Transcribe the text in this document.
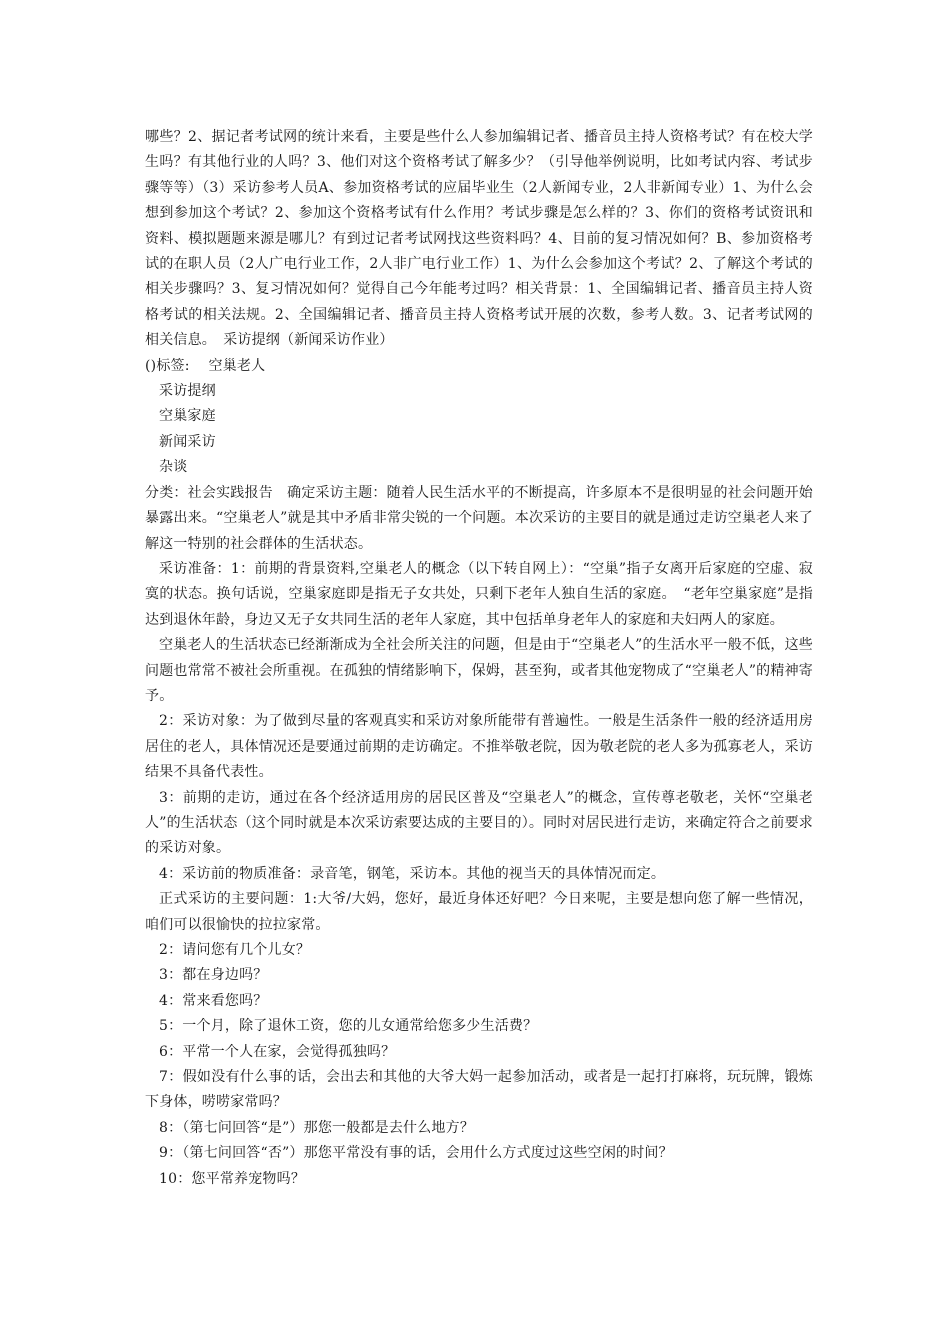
哪些？2、据记者考试网的统计来看，主要是些什么人参加编辑记者、播音员主持人资格考试？有在校大学生吗？有其他行业的人吗？3、他们对这个资格考试了解多少？（引导他举例说明，比如考试内容、考试步骤等等）（3）采访参考人员A、参加资格考试的应届毕业生（2人新闻专业，2人非新闻专业）1、为什么会想到参加这个考试？2、参加这个资格考试有什么作用？考试步骤是怎么样的？3、你们的资格考试资讯和资料、模拟题题来源是哪儿？有到过记者考试网找这些资料吗？4、目前的复习情况如何？B、参加资格考试的在职人员（2人广电行业工作，2人非广电行业工作）1、为什么会参加这个考试？2、了解这个考试的相关步骤吗？3、复习情况如何？觉得自己今年能考过吗？相关背景：1、全国编辑记者、播音员主持人资格考试的相关法规。2、全国编辑记者、播音员主持人资格考试开展的次数，参考人数。3、记者考试网的相关信息。　采访提纲（新闻采访作业）

()标签:　 空巢老人

采访提纲

空巢家庭

新闻采访

杂谈

分类：社会实践报告　确定采访主题：随着人民生活水平的不断提高，许多原本不是很明显的社会问题开始暴露出来。“空巢老人”就是其中矛盾非常尖锐的一个问题。本次采访的主要目的就是通过走访空巢老人来了解这一特别的社会群体的生活状态。

采访准备：1：前期的背景资料,空巢老人的概念（以下转自网上）：“空巢”指子女离开后家庭的空虚、寂寞的状态。换句话说，空巢家庭即是指无子女共处，只剩下老年人独自生活的家庭。　“老年空巢家庭”是指达到退休年龄，身边又无子女共同生活的老年人家庭，其中包括单身老年人的家庭和夫妇两人的家庭。

空巢老人的生活状态已经渐渐成为全社会所关注的问题，但是由于“空巢老人”的生活水平一般不低，这些问题也常常不被社会所重视。在孤独的情绪影响下，保姆，甚至狗，或者其他宠物成了“空巢老人”的精神寄予。

2：采访对象：为了做到尽量的客观真实和采访对象所能带有普遍性。一般是生活条件一般的经济适用房居住的老人，具体情况还是要通过前期的走访确定。不推举敬老院，因为敬老院的老人多为孤寡老人，采访结果不具备代表性。

3：前期的走访，通过在各个经济适用房的居民区普及“空巢老人”的概念，宣传尊老敬老，关怀“空巢老人”的生活状态（这个同时就是本次采访索要达成的主要目的）。同时对居民进行走访，来确定符合之前要求的采访对象。

4：采访前的物质准备：录音笔，钢笔，采访本。其他的视当天的具体情况而定。

正式采访的主要问题：1:大爷/大妈，您好，最近身体还好吧？今日来呢，主要是想向您了解一些情况，咱们可以很愉快的拉拉家常。

2：请问您有几个儿女？

3：都在身边吗？

4：常来看您吗？

5：一个月，除了退休工资，您的儿女通常给您多少生活费？

6：平常一个人在家，会觉得孤独吗？

7：假如没有什么事的话，会出去和其他的大爷大妈一起参加活动，或者是一起打打麻将，玩玩牌，锻炼下身体，唠唠家常吗？

8：（第七问回答“是”）那您一般都是去什么地方？

9：（第七问回答“否”）那您平常没有事的话，会用什么方式度过这些空闲的时间？

10：您平常养宠物吗？
